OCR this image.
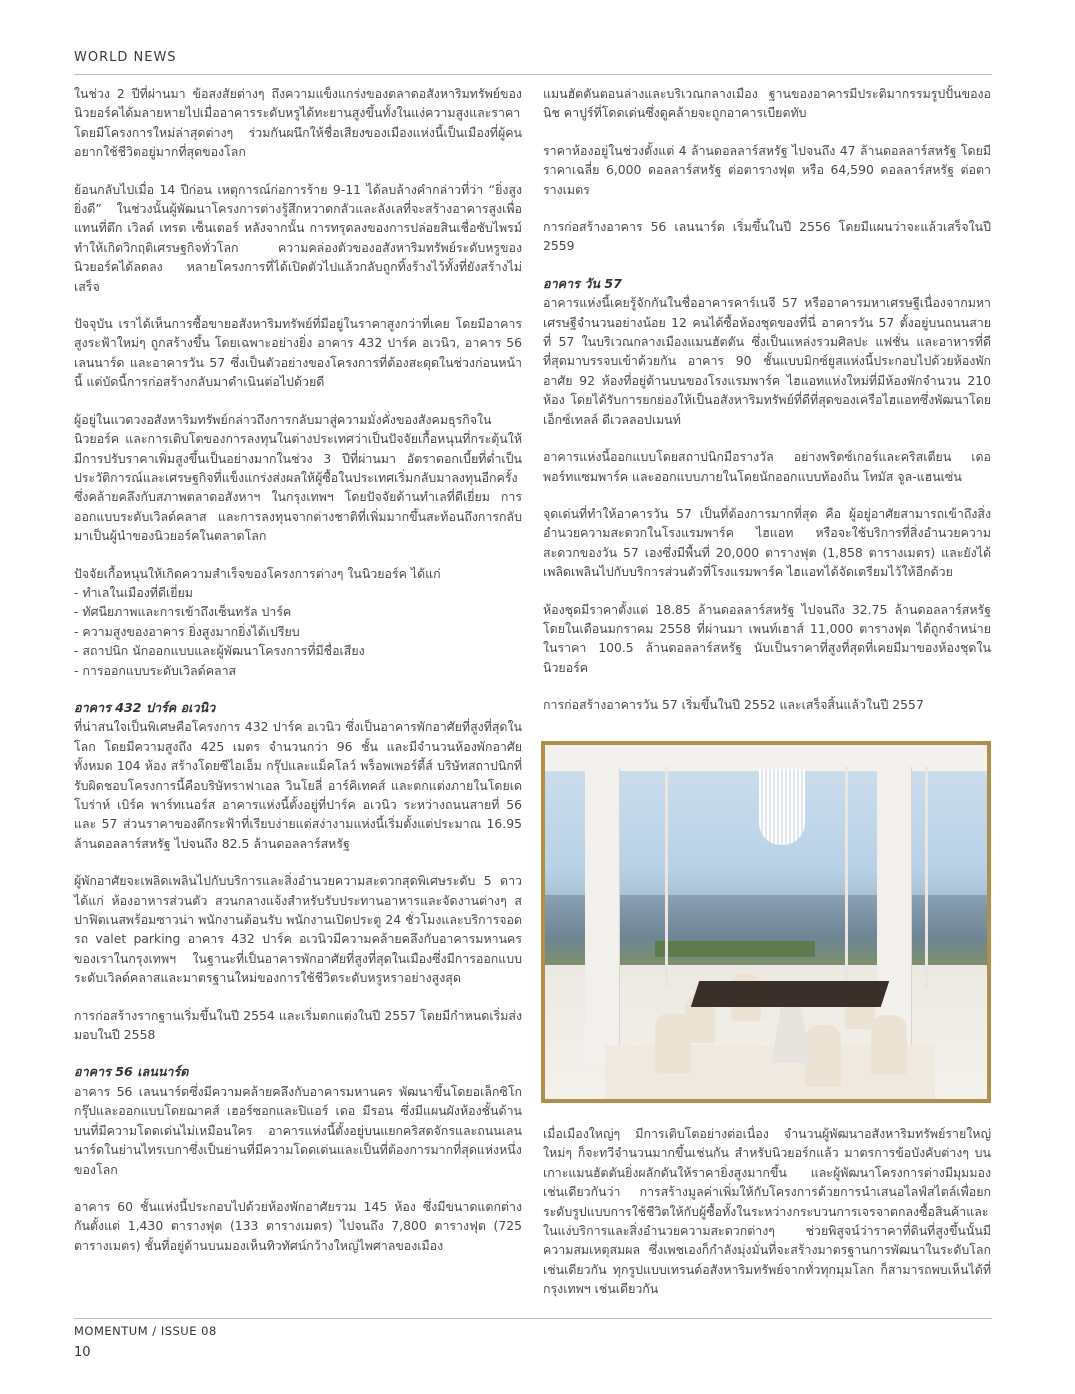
WORLD NEWS

ในช่วง 2 ปีที่ผ่านมา ข้อสงสัยต่างๆ ถึงความแข็งแกร่งของตลาดอสังหาริมทรัพย์ของนิวยอร์คได้มลายหายไปเมื่ออาคารระดับหรูได้ทะยานสูงขึ้นทั้งในแง่ความสูงและราคา โดยมีโครงการใหม่ล่าสุดต่างๆ ร่วมกันผนึกให้ชื่อเสียงของเมืองแห่งนี้เป็นเมืองที่ผู้คนอยากใช้ชีวิตอยู่มากที่สุดของโลก

ย้อนกลับไปเมื่อ 14 ปีก่อน เหตุการณ์ก่อการร้าย 9-11 ได้ลบล้างคำกล่าวที่ว่า “ยิ่งสูงยิ่งดี” ในช่วงนั้นผู้พัฒนาโครงการต่างรู้สึกหวาดกลัวและลังเลที่จะสร้างอาคารสูงเพื่อแทนที่ตึก เวิลด์ เทรด เซ็นเตอร์ หลังจากนั้น การทรุดลงของการปล่อยสินเชื่อซับไพรม์ทำให้เกิดวิกฤติเศรษฐกิจทั่วโลก ความคล่องตัวของอสังหาริมทรัพย์ระดับหรูของนิวยอร์คได้ลดลง หลายโครงการที่ได้เปิดตัวไปแล้วกลับถูกทิ้งร้างไว้ทั้งที่ยังสร้างไม่เสร็จ

ปัจจุบัน เราได้เห็นการซื้อขายอสังหาริมทรัพย์ที่มีอยู่ในราคาสูงกว่าที่เคย โดยมีอาคารสูงระฟ้าใหม่ๆ ถูกสร้างขึ้น โดยเฉพาะอย่างยิ่ง อาคาร 432 ปาร์ค อเวนิว, อาคาร 56 เลนนาร์ด และอาคารวัน 57 ซึ่งเป็นตัวอย่างของโครงการที่ต้องสะดุดในช่วงก่อนหน้านี้ แต่บัดนี้การก่อสร้างกลับมาดำเนินต่อไปด้วยดี

ผู้อยู่ในแวดวงอสังหาริมทรัพย์กล่าวถึงการกลับมาสู่ความมั่งคั่งของสังคมธุรกิจในนิวยอร์ค และการเติบโตของการลงทุนในต่างประเทศว่าเป็นปัจจัยเกื้อหนุนที่กระตุ้นให้มีการปรับราคาเพิ่มสูงขึ้นเป็นอย่างมากในช่วง 3 ปีที่ผ่านมา อัตราดอกเบี้ยที่ต่ำเป็นประวัติการณ์และเศรษฐกิจที่แข็งแกร่งส่งผลให้ผู้ซื้อในประเทศเริ่มกลับมาลงทุนอีกครั้ง ซึ่งคล้ายคลึงกับสภาพตลาดอสังหาฯ ในกรุงเทพฯ โดยปัจจัยด้านทำเลที่ดีเยี่ยม การออกแบบระดับเวิลด์คลาส และการลงทุนจากต่างชาติที่เพิ่มมากขึ้นสะท้อนถึงการกลับมาเป็นผู้นำของนิวยอร์คในตลาดโลก

ปัจจัยเกื้อหนุนให้เกิดความสำเร็จของโครงการต่างๆ ในนิวยอร์ค ได้แก่

- ทำเลในเมืองที่ดีเยี่ยม
- ทัศนียภาพและการเข้าถึงเซ็นทรัล ปาร์ค
- ความสูงของอาคาร ยิ่งสูงมากยิ่งได้เปรียบ
- สถาปนิก นักออกแบบและผู้พัฒนาโครงการที่มีชื่อเสียง
- การออกแบบระดับเวิลด์คลาส
อาคาร 432 ปาร์ค อเวนิว

ที่น่าสนใจเป็นพิเศษคือโครงการ 432 ปาร์ค อเวนิว ซึ่งเป็นอาคารพักอาศัยที่สูงที่สุดในโลก โดยมีความสูงถึง 425 เมตร จำนวนกว่า 96 ชั้น และมีจำนวนห้องพักอาศัยทั้งหมด 104 ห้อง สร้างโดยซีไอเอ็ม กรุ๊ปและแม็คโลว์ พร็อพเพอร์ตี้ส์ บริษัทสถาปนิกที่รับผิดชอบโครงการนี้คือบริษัทราฟาเอล วินโยลี่ อาร์คิเทคส์ และตกแต่งภายในโดยเดโบร่าห์ เบิร์ค พาร์ทเนอร์ส อาคารแห่งนี้ตั้งอยู่ที่ปาร์ค อเวนิว ระหว่างถนนสายที่ 56 และ 57 ส่วนราคาของตึกระฟ้าที่เรียบง่ายแต่สง่างามแห่งนี้เริ่มตั้งแต่ประมาณ 16.95 ล้านดอลลาร์สหรัฐ ไปจนถึง 82.5 ล้านดอลลาร์สหรัฐ

ผู้พักอาศัยจะเพลิดเพลินไปกับบริการและสิ่งอำนวยความสะดวกสุดพิเศษระดับ 5 ดาว ได้แก่ ห้องอาหารส่วนตัว สวนกลางแจ้งสำหรับรับประทานอาหารและจัดงานต่างๆ สปาฟิตเนสพร้อมซาวน่า พนักงานต้อนรับ พนักงานเปิดประตู 24 ชั่วโมงและบริการจอดรถ valet parking อาคาร 432 ปาร์ค อเวนิวมีความคล้ายคลึงกับอาคารมหานครของเราในกรุงเทพฯ ในฐานะที่เป็นอาคารพักอาศัยที่สูงที่สุดในเมืองซึ่งมีการออกแบบระดับเวิลด์คลาสและมาตรฐานใหม่ของการใช้ชีวิตระดับหรูหราอย่างสูงสุด

การก่อสร้างรากฐานเริ่มขึ้นในปี 2554 และเริ่มตกแต่งในปี 2557 โดยมีกำหนดเริ่มส่งมอบในปี 2558

อาคาร 56 เลนนาร์ด

อาคาร 56 เลนนาร์ดซึ่งมีความคล้ายคลึงกับอาคารมหานคร พัฒนาขึ้นโดยอเล็กซิโก กรุ๊ปและออกแบบโดยฌาคส์ เฮอร์ซอกและปิแอร์ เดอ มีรอน ซึ่งมีแผนผังห้องชั้นด้านบนที่มีความโดดเด่นไม่เหมือนใคร อาคารแห่งนี้ตั้งอยู่บนแยกคริสตจักรและถนนเลนนาร์ดในย่านไทรเบกาซึ่งเป็นย่านที่มีความโดดเด่นและเป็นที่ต้องการมากที่สุดแห่งหนึ่งของโลก

อาคาร 60 ชั้นแห่งนี้ประกอบไปด้วยห้องพักอาศัยรวม 145 ห้อง ซึ่งมีขนาดแตกต่างกันตั้งแต่ 1,430 ตารางฟุต (133 ตารางเมตร) ไปจนถึง 7,800 ตารางฟุต (725 ตารางเมตร) ชั้นที่อยู่ด้านบนมองเห็นทิวทัศน์กว้างใหญ่ไพศาลของเมือง

แมนฮัตตันตอนล่างและบริเวณกลางเมือง ฐานของอาคารมีประติมากรรมรูปปั้นของอนิช คาปูร์ที่โดดเด่นซึ่งดูคล้ายจะถูกอาคารเบียดทับ

ราคาห้องอยู่ในช่วงตั้งแต่ 4 ล้านดอลลาร์สหรัฐ ไปจนถึง 47 ล้านดอลลาร์สหรัฐ โดยมีราคาเฉลี่ย 6,000 ดอลลาร์สหรัฐ ต่อตารางฟุต หรือ 64,590 ดอลลาร์สหรัฐ ต่อตารางเมตร

การก่อสร้างอาคาร 56 เลนนาร์ด เริ่มขึ้นในปี 2556 โดยมีแผนว่าจะแล้วเสร็จในปี 2559

อาคาร วัน 57

อาคารแห่งนี้เคยรู้จักกันในชื่ออาคารคาร์เนจี 57 หรืออาคารมหาเศรษฐีเนื่องจากมหาเศรษฐีจำนวนอย่างน้อย 12 คนได้ซื้อห้องชุดของที่นี่ อาคารวัน 57 ตั้งอยู่บนถนนสายที่ 57 ในบริเวณกลางเมืองแมนฮัตตัน ซึ่งเป็นแหล่งรวมศิลปะ แฟชั่น และอาหารที่ดีที่สุดมาบรรจบเข้าด้วยกัน อาคาร 90 ชั้นแบบมิกซ์ยูสแห่งนี้ประกอบไปด้วยห้องพักอาศัย 92 ห้องที่อยู่ด้านบนของโรงแรมพาร์ค ไฮแอทแห่งใหม่ที่มีห้องพักจำนวน 210 ห้อง โดยได้รับการยกย่องให้เป็นอสังหาริมทรัพย์ที่ดีที่สุดของเครือไฮแอทซึ่งพัฒนาโดยเอ็กซ์เทลล์ ดีเวลลอปเมนท์

อาคารแห่งนี้ออกแบบโดยสถาปนิกมือรางวัล อย่างพริตซ์เกอร์และคริสเตียน เดอ พอร์ทแซมพาร์ค และออกแบบภายในโดยนักออกแบบท้องถิ่น โทมัส จูล-แฮนเซ่น

จุดเด่นที่ทำให้อาคารวัน 57 เป็นที่ต้องการมากที่สุด คือ ผู้อยู่อาศัยสามารถเข้าถึงสิ่งอำนวยความสะดวกในโรงแรมพาร์ค ไฮแอท หรือจะใช้บริการที่สิ่งอำนวยความสะดวกของวัน 57 เองซึ่งมีพื้นที่ 20,000 ตารางฟุต (1,858 ตารางเมตร) และยังได้เพลิดเพลินไปกับบริการส่วนตัวที่โรงแรมพาร์ค ไฮแอทได้จัดเตรียมไว้ให้อีกด้วย

ห้องชุดมีราคาตั้งแต่ 18.85 ล้านดอลลาร์สหรัฐ ไปจนถึง 32.75 ล้านดอลลาร์สหรัฐ โดยในเดือนมกราคม 2558 ที่ผ่านมา เพนท์เฮาส์ 11,000 ตารางฟุต ได้ถูกจำหน่ายในราคา 100.5 ล้านดอลลาร์สหรัฐ นับเป็นราคาที่สูงที่สุดที่เคยมีมาของห้องชุดในนิวยอร์ค

การก่อสร้างอาคารวัน 57 เริ่มขึ้นในปี 2552 และเสร็จสิ้นแล้วในปี 2557

เมื่อเมืองใหญ่ๆ มีการเติบโตอย่างต่อเนื่อง จำนวนผู้พัฒนาอสังหาริมทรัพย์รายใหญ่ใหม่ๆ ก็จะทวีจำนวนมากขึ้นเช่นกัน สำหรับนิวยอร์กแล้ว มาตรการข้อบังคับต่างๆ บนเกาะแมนฮัตตันยิ่งผลักดันให้ราคายิ่งสูงมากขึ้น และผู้พัฒนาโครงการต่างมีมุมมองเช่นเดียวกันว่า การสร้างมูลค่าเพิ่มให้กับโครงการด้วยการนำเสนอไลฟ์สไตล์เพื่อยกระดับรูปแบบการใช้ชีวิตให้กับผู้ซื้อทั้งในระหว่างกระบวนการเจรจาตกลงซื้อสินค้าและในแง่บริการและสิ่งอำนวยความสะดวกต่างๆ ช่วยพิสูจน์ว่าราคาที่ดินที่สูงขึ้นนั้นมีความสมเหตุสมผล ซึ่งเพชเองก็กำลังมุ่งมั่นที่จะสร้างมาตรฐานการพัฒนาในระดับโลกเช่นเดียวกัน ทุกรูปแบบเทรนด์อสังหาริมทรัพย์จากทั่วทุกมุมโลก ก็สามารถพบเห็นได้ที่กรุงเทพฯ เช่นเดียวกัน

MOMENTUM / ISSUE 08
10
